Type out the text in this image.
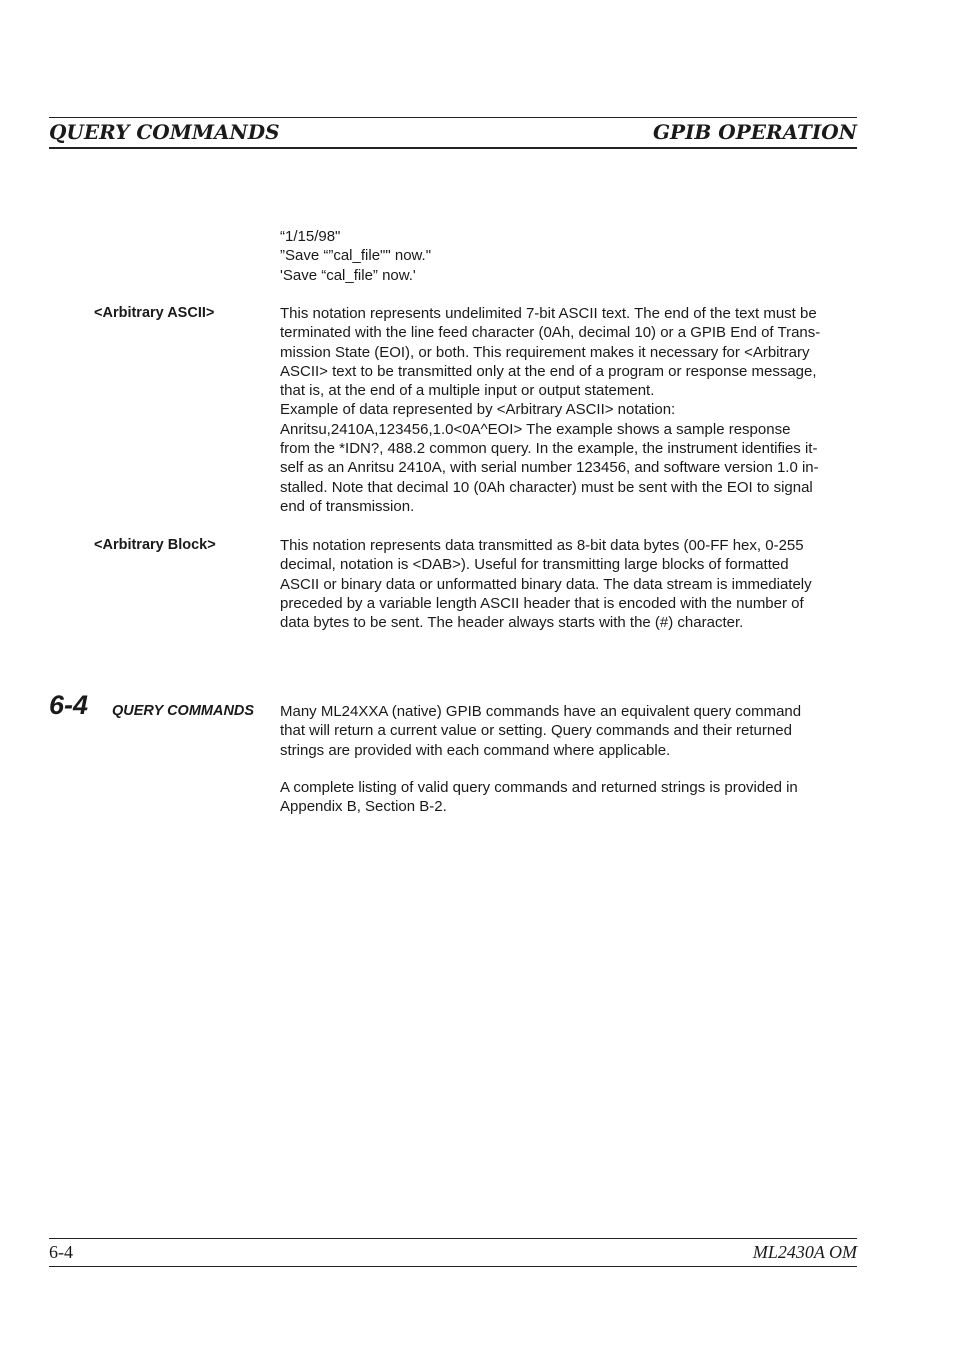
QUERY COMMANDS	GPIB OPERATION
“1/15/98"
”Save “”cal_file"" now."
'Save “cal_file” now.'
<Arbitrary ASCII>	This notation represents undelimited 7-bit ASCII text. The end of the text must be
terminated with the line feed character (0Ah, decimal 10) or a GPIB End of Trans-
mission State (EOI), or both. This requirement makes it necessary for <Arbitrary
ASCII> text to be transmitted only at the end of a program or response message,
that is, at the end of a multiple input or output statement.
Example of data represented by <Arbitrary ASCII> notation:
Anritsu,2410A,123456,1.0<0A^EOI> The example shows a sample response
from the *IDN?, 488.2 common query. In the example, the instrument identifies it-
self as an Anritsu 2410A, with serial number 123456, and software version 1.0 in-
stalled. Note that decimal 10 (0Ah character) must be sent with the EOI to signal
end of transmission.
<Arbitrary Block>	This notation represents data transmitted as 8-bit data bytes (00-FF hex, 0-255
decimal, notation is <DAB>). Useful for transmitting large blocks of formatted
ASCII or binary data or unformatted binary data. The data stream is immediately
preceded by a variable length ASCII header that is encoded with the number of
data bytes to be sent. The header always starts with the (#) character.
6-4 QUERY COMMANDS Many ML24XXA (native) GPIB commands have an equivalent query command
that will return a current value or setting. Query commands and their returned
strings are provided with each command where applicable.
A complete listing of valid query commands and returned strings is provided in
Appendix B, Section B-2.
6-4	ML2430A OM
